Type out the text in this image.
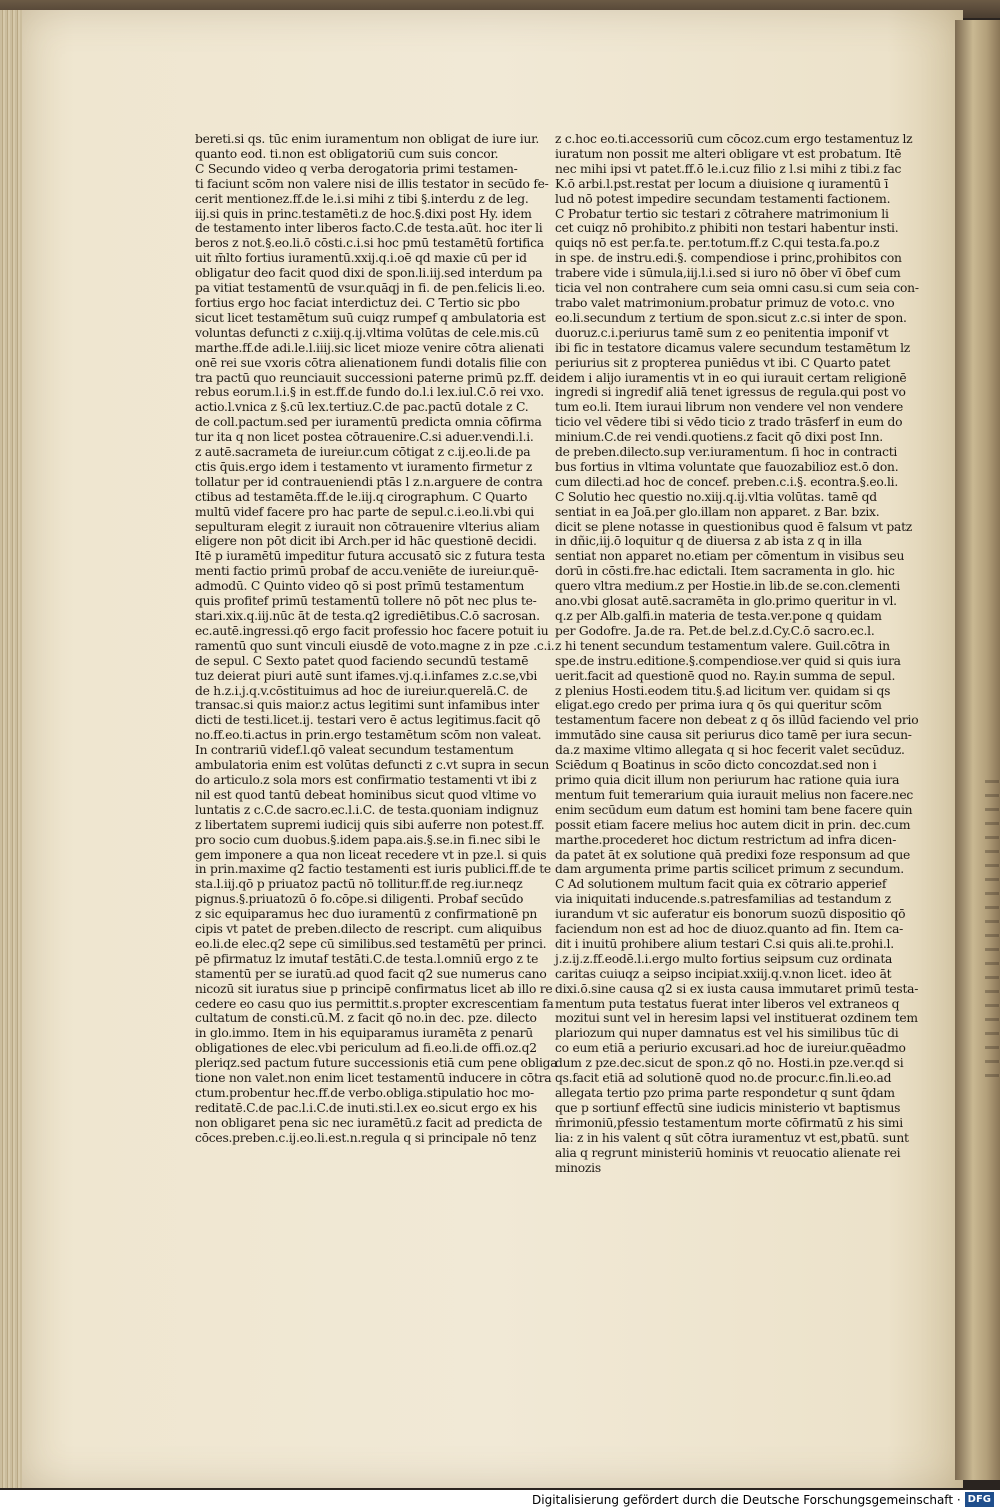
bereti.si qs. tūc enim iuramentum non obligat de iure iur.
quanto eod. ti.non est obligatoriū cum suis concor.
C Secundo video q verba derogatoria primi testamen-
ti faciunt scōm non valere nisi de illis testator in secūdo fe-
cerit mentionez.ff.de le.i.si mihi z tibi §.interdu z de leg.
iij.si quis in princ.testamēti.z de hoc.§.dixi post Hy. idem
de testamento inter liberos facto.C.de testa.aūt. hoc iter li
beros z not.§.eo.li.ō cōsti.c.i.si hoc pmū testamētū fortifica
uit m̄lto fortius iuramentū.xxij.q.i.oē qd maxie cū per id
obligatur deo facit quod dixi de spon.li.iij.sed interdum pa
pa vitiat testamentū de vsur.quāqj in fi. de pen.felicis li.eo.
fortius ergo hoc faciat interdictuz dei. C Tertio sic pbo
sicut licet testamētum suū cuiqz rumpef q ambulatoria est
voluntas defuncti z c.xiij.q.ij.vltima volūtas de cele.mis.cū
marthe.ff.de adi.le.l.iiij.sic licet mioze venire cōtra alienati
onē rei sue vxoris cōtra alienationem fundi dotalis filie con
tra pactū quo reunciauit successioni paterne primū pz.ff. de
rebus eorum.l.i.§ in est.ff.de fundo do.l.i lex.iul.C.ō rei vxo.
actio.l.vnica z §.cū lex.tertiuz.C.de pac.pactū dotale z C.
de coll.pactum.sed per iuramentū predicta omnia cōfirma
tur ita q non licet postea cōtrauenire.C.si aduer.vendi.l.i.
z autē.sacrameta de iureiur.cum cōtigat z c.ij.eo.li.de pa
ctis q̄uis.ergo idem i testamento vt iuramento firmetur z
tollatur per id contraueniendi ptās l z.n.arguere de contra
ctibus ad testamēta.ff.de le.iij.q cirographum. C Quarto
multū videf facere pro hac parte de sepul.c.i.eo.li.vbi qui
sepulturam elegit z iurauit non cōtrauenire vlterius aliam
eligere non pōt dicit ibi Arch.per id hāc questionē decidi.
Itē p iuramētū impeditur futura accusatō sic z futura testa
menti factio primū probaf de accu.veniēte de iureiur.quē-
admodū. C Quinto video qō si post prīmū testamentum
quis profitef primū testamentū tollere nō pōt nec plus te-
stari.xix.q.iij.nūc āt de testa.q2 igrediētibus.C.ō sacrosan.
ec.autē.ingressi.qō ergo facit professio hoc facere potuit iu
ramentū quo sunt vinculi eiusdē de voto.magne z in pze .c.i.
de sepul. C Sexto patet quod faciendo secundū testamē
tuz deierat piuri autē sunt ifames.vj.q.i.infames z.c.se,vbi
de h.z.i.j.q.v.cōstituimus ad hoc de iureiur.querelā.C. de
transac.si quis maior.z actus legitimi sunt infamibus inter
dicti de testi.licet.ij. testari vero ē actus legitimus.facit qō
no.ff.eo.ti.actus in prin.ergo testamētum scōm non valeat.
In contrariū videf.l.qō valeat secundum testamentum
ambulatoria enim est volūtas defuncti z c.vt supra in secun
do articulo.z sola mors est confirmatio testamenti vt ibi z
nil est quod tantū debeat hominibus sicut quod vltime vo
luntatis z c.C.de sacro.ec.l.i.C. de testa.quoniam indignuz
z libertatem supremi iudicij quis sibi auferre non potest.ff.
pro socio cum duobus.§.idem papa.ais.§.se.in fi.nec sibi le
gem imponere a qua non liceat recedere vt in pze.l. si quis
in prin.maxime q2 factio testamenti est iuris publici.ff.de te
sta.l.iij.qō p priuatoz pactū nō tollitur.ff.de reg.iur.neqz
pignus.§.priuatozū ō fo.cōpe.si diligenti. Probaf secūdo
z sic equiparamus hec duo iuramentū z confirmationē pn
cipis vt patet de preben.dilecto de rescript. cum aliquibus
eo.li.de elec.q2 sepe cū similibus.sed testamētū per princi.
pē pfirmatuz lz imutaf testāti.C.de testa.l.omniū ergo z te
stamentū per se iuratū.ad quod facit q2 sue numerus cano
nicozū sit iuratus siue p principē confirmatus licet ab illo re
cedere eo casu quo ius permittit.s.propter excrescentiam fa
cultatum de consti.cū.M. z facit qō no.in dec. pze. dilecto
in glo.immo. Item in his equiparamus iuramēta z penarū
obligationes de elec.vbi periculum ad fi.eo.li.de offi.oz.q2
pleriqz.sed pactum future successionis etiā cum pene obliga
tione non valet.non enim licet testamentū inducere in cōtra
ctum.probentur hec.ff.de verbo.obliga.stipulatio hoc mo-
reditatē.C.de pac.l.i.C.de inuti.sti.l.ex eo.sicut ergo ex his
non obligaret pena sic nec iuramētū.z facit ad predicta de
cōces.preben.c.ij.eo.li.est.n.regula q si principale nō tenz
z c.hoc eo.ti.accessoriū cum cōcoz.cum ergo testamentuz lz
iuratum non possit me alteri obligare vt est probatum. Itē
nec mihi ipsi vt patet.ff.ō le.i.cuz filio z l.si mihi z tibi.z fac
K.ō arbi.l.pst.restat per locum a diuisione q iuramentū ī
lud nō potest impedire secundam testamenti factionem.
C Probatur tertio sic testari z cōtrahere matrimonium li
cet cuiqz nō prohibito.z phibiti non testari habentur insti.
quiqs nō est per.fa.te. per.totum.ff.z C.qui testa.fa.po.z
in spe. de instru.edi.§. compendiose i princ,prohibitos con
trabere vide i sūmula,iij.l.i.sed si iuro nō ōber vī ōbef cum
ticia vel non contrahere cum seia omni casu.si cum seia con-
trabo valet matrimonium.probatur primuz de voto.c. vno
eo.li.secundum z tertium de spon.sicut z.c.si inter de spon.
duoruz.c.i.periurus tamē sum z eo penitentia imponif vt
ibi fic in testatore dicamus valere secundum testamētum lz
periurius sit z propterea puniēdus vt ibi. C Quarto patet
idem i alijo iuramentis vt in eo qui iurauit certam religionē
ingredi si ingredif aliā tenet igressus de regula.qui post vo
tum eo.li. Item iuraui librum non vendere vel non vendere
ticio vel vēdere tibi si vēdo ticio z trado trāsferf in eum do
minium.C.de rei vendi.quotiens.z facit qō dixi post Inn.
de preben.dilecto.sup ver.iuramentum. ſi hoc in contracti
bus fortius in vltima voluntate que fauozabilioz est.ō don.
cum dilecti.ad hoc de concef. preben.c.i.§. econtra.§.eo.li.
C Solutio hec questio no.xiij.q.ij.vltia volūtas. tamē qd
sentiat in ea Joā.per glo.illam non apparet. z Bar. bzix.
dicit se plene notasse in questionibus quod ē falsum vt patz
in dñic,iij.ō loquitur q de diuersa z ab ista z q in illa
sentiat non apparet no.etiam per cōmentum in visibus seu
dorū in cōsti.fre.hac edictali. Item sacramenta in glo. hic
quero vltra medium.z per Hostie.in lib.de se.con.clementi
ano.vbi glosat autē.sacramēta in glo.primo queritur in vl.
q.z per Alb.galfi.in materia de testa.ver.pone q quidam
per Godofre. Ja.de ra. Pet.de bel.z.d.Cy.C.ō sacro.ec.l.
z hi tenent secundum testamentum valere. Guil.cōtra in
spe.de instru.editione.§.compendiose.ver quid si quis iura
uerit.facit ad questionē quod no. Ray.in summa de sepul.
z plenius Hosti.eodem titu.§.ad licitum ver. quidam si qs
eligat.ego credo per prima iura q ōs qui queritur scōm
testamentum facere non debeat z q ōs illūd faciendo vel prio
immutādo sine causa sit periurus dico tamē per iura secun-
da.z maxime vltimo allegata q si hoc fecerit valet secūduz.
Sciēdum q Boatinus in scōo dicto concozdat.sed non i
primo quia dicit illum non periurum hac ratione quia iura
mentum fuit temerarium quia iurauit melius non facere.nec
enim secūdum eum datum est homini tam bene facere quin
possit etiam facere melius hoc autem dicit in prin. dec.cum
marthe.procederet hoc dictum restrictum ad infra dicen-
da patet āt ex solutione quā predixi foze responsum ad que
dam argumenta prime partis scilicet primum z secundum.
C Ad solutionem multum facit quia ex cōtrario apperief
via iniquitati inducende.s.patresfamilias ad testandum z
iurandum vt sic auferatur eis bonorum suozū dispositio qō
faciendum non est ad hoc de diuoz.quanto ad fin. Item ca-
dit i inuitū prohibere alium testari C.si quis ali.te.prohi.l.
j.z.ij.z.ff.eodē.l.i.ergo multo fortius seipsum cuz ordinata
caritas cuiuqz a seipso incipiat.xxiij.q.v.non licet. ideo āt
dixi.ō.sine causa q2 si ex iusta causa immutaret primū testa-
mentum puta testatus fuerat inter liberos vel extraneos q
mozitui sunt vel in heresim lapsi vel instituerat ozdinem tem
plariozum qui nuper damnatus est vel his similibus tūc di
co eum etiā a periurio excusari.ad hoc de iureiur.quēadmo
dum z pze.dec.sicut de spon.z qō no. Hosti.in pze.ver.qd si
qs.facit etiā ad solutionē quod no.de procur.c.fin.li.eo.ad
allegata tertio pzo prima parte respondetur q sunt q̄dam
que p sortiunf effectū sine iudicis ministerio vt baptismus
m̄rimoniū,pfessio testamentum morte cōfirmatū z his simi
lia: z in his valent q sūt cōtra iuramentuz vt est,pbatū. sunt
alia q regrunt ministeriū hominis vt reuocatio alienate rei
minozis
Digitalisierung gefördert durch die Deutsche Forschungsgemeinschaft · DFG
